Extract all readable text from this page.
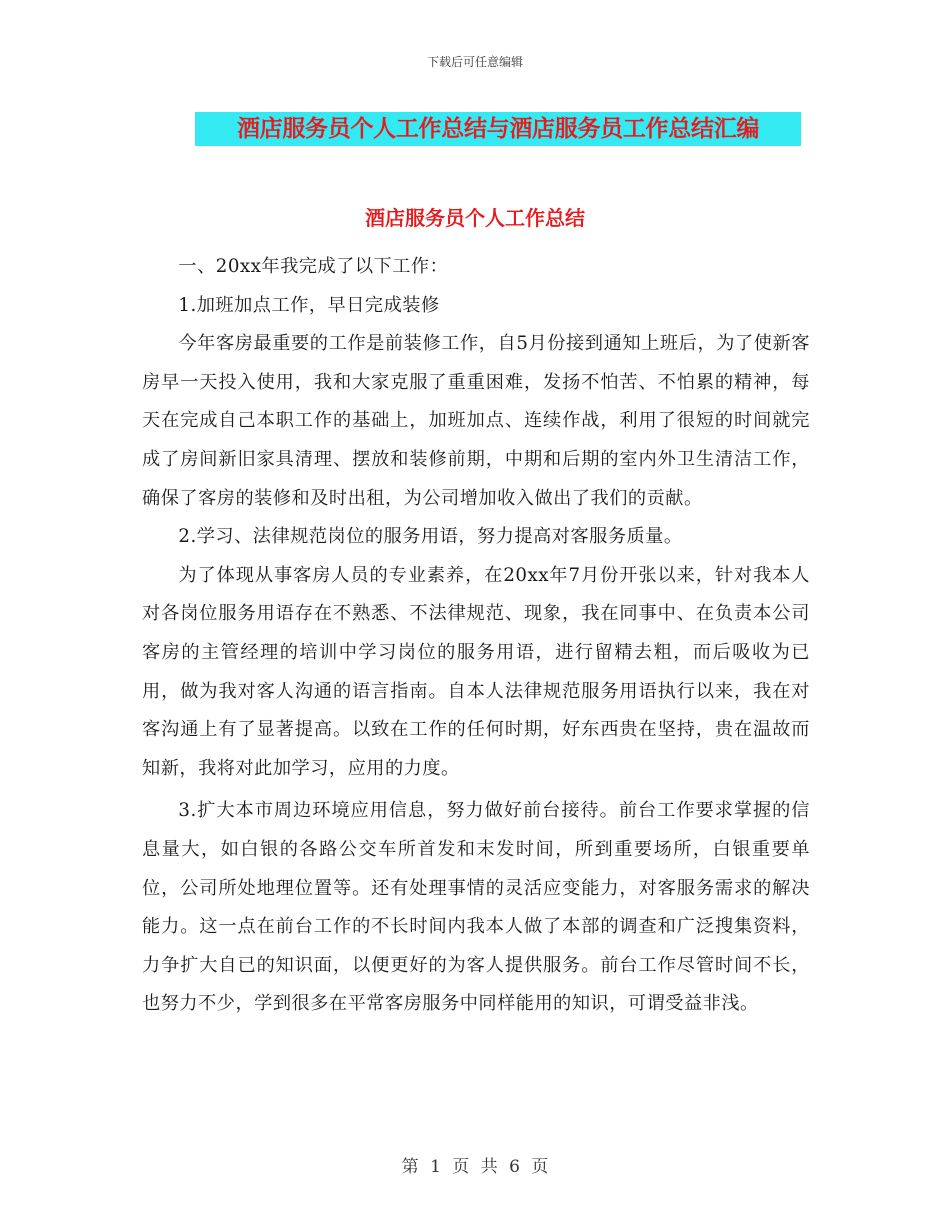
下载后可任意编辑
酒店服务员个人工作总结与酒店服务员工作总结汇编
酒店服务员个人工作总结

一、20xx年我完成了以下工作：

1.加班加点工作，早日完成装修

今年客房最重要的工作是前装修工作，自5月份接到通知上班后，为了使新客房早一天投入使用，我和大家克服了重重困难，发扬不怕苦、不怕累的精神，每天在完成自己本职工作的基础上，加班加点、连续作战，利用了很短的时间就完成了房间新旧家具清理、摆放和装修前期，中期和后期的室内外卫生清洁工作，确保了客房的装修和及时出租，为公司增加收入做出了我们的贡献。

2.学习、法律规范岗位的服务用语，努力提高对客服务质量。

为了体现从事客房人员的专业素养，在20xx年7月份开张以来，针对我本人对各岗位服务用语存在不熟悉、不法律规范、现象，我在同事中、在负责本公司客房的主管经理的培训中学习岗位的服务用语，进行留精去粗，而后吸收为已用，做为我对客人沟通的语言指南。自本人法律规范服务用语执行以来，我在对客沟通上有了显著提高。以致在工作的任何时期，好东西贵在坚持，贵在温故而知新，我将对此加学习，应用的力度。

3.扩大本市周边环境应用信息，努力做好前台接待。前台工作要求掌握的信息量大，如白银的各路公交车所首发和末发时间，所到重要场所，白银重要单位，公司所处地理位置等。还有处理事情的灵活应变能力，对客服务需求的解决能力。这一点在前台工作的不长时间内我本人做了本部的调查和广泛搜集资料，力争扩大自已的知识面，以便更好的为客人提供服务。前台工作尽管时间不长，也努力不少，学到很多在平常客房服务中同样能用的知识，可谓受益非浅。

第 1 页 共 6 页
